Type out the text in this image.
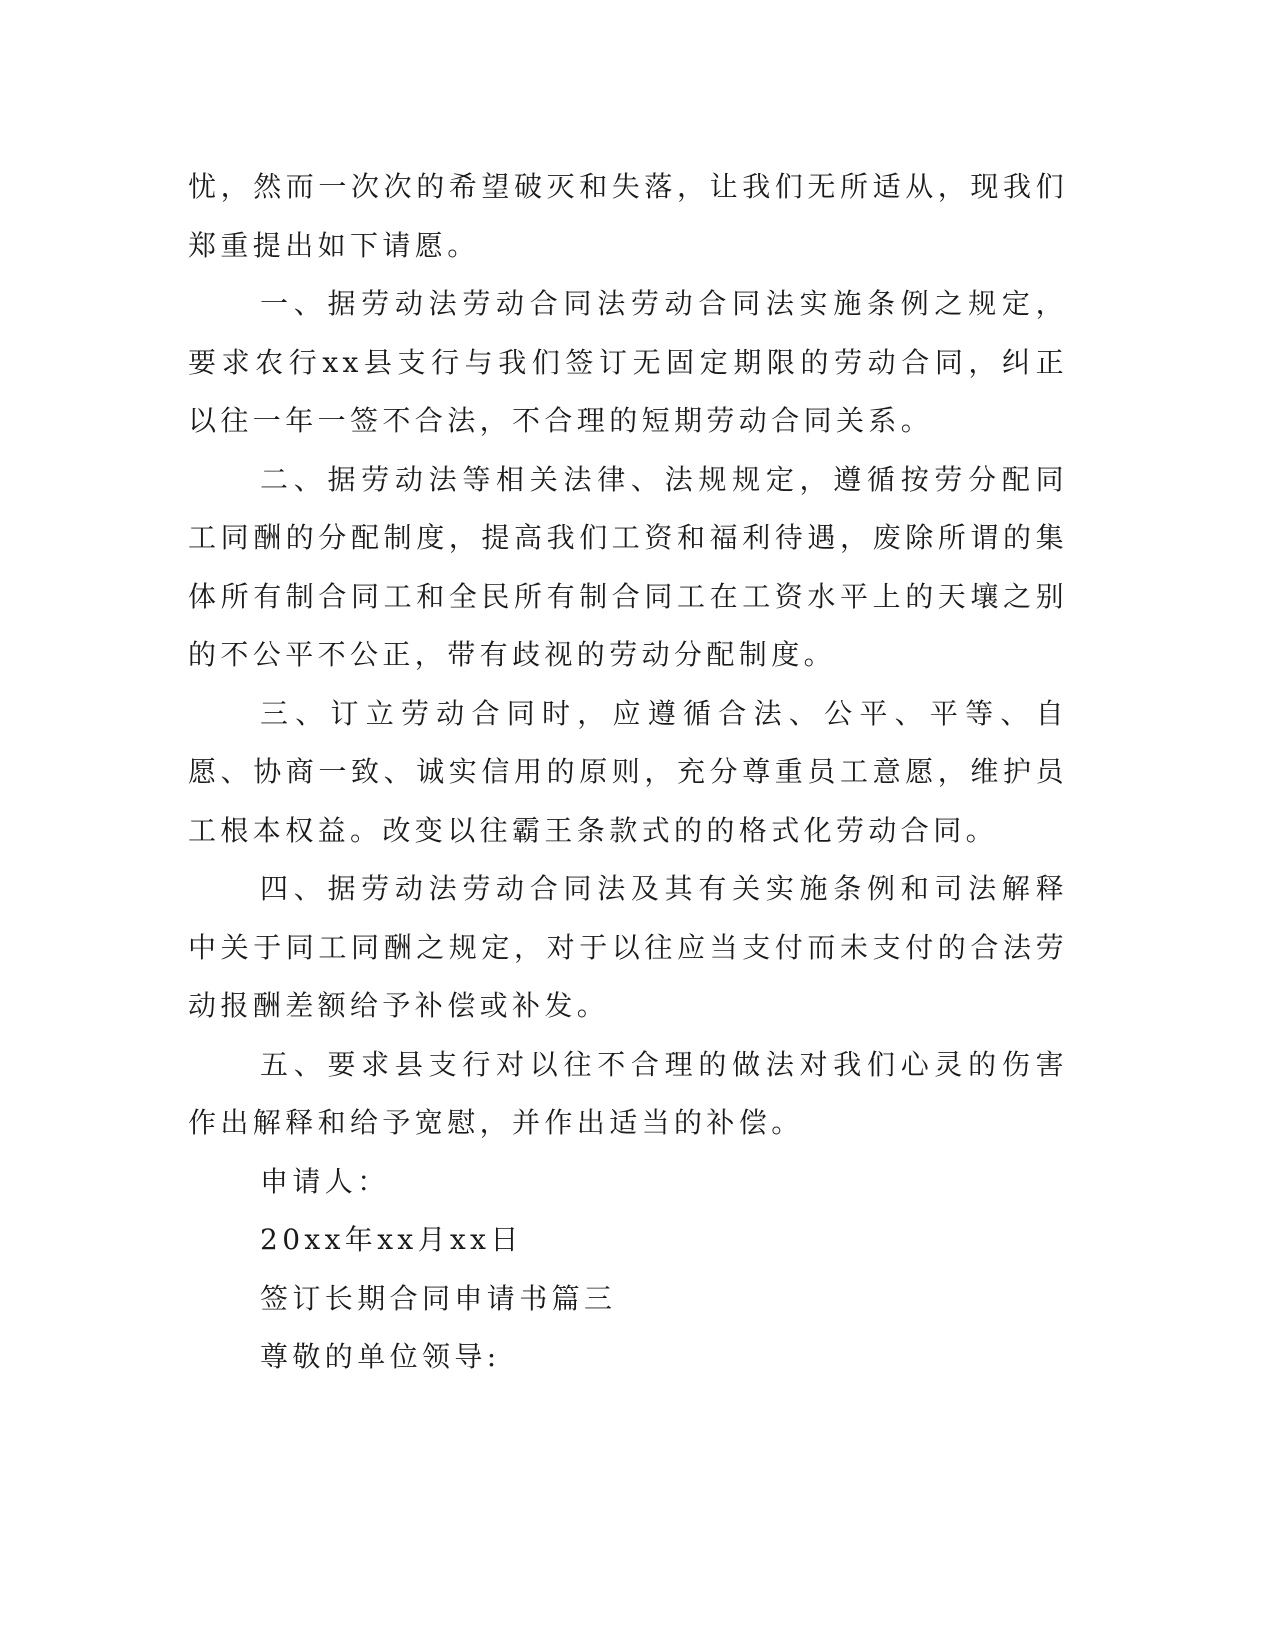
忧，然而一次次的希望破灭和失落，让我们无所适从，现我们郑重提出如下请愿。

一、据劳动法劳动合同法劳动合同法实施条例之规定，要求农行xx县支行与我们签订无固定期限的劳动合同，纠正以往一年一签不合法，不合理的短期劳动合同关系。

二、据劳动法等相关法律、法规规定，遵循按劳分配同工同酬的分配制度，提高我们工资和福利待遇，废除所谓的集体所有制合同工和全民所有制合同工在工资水平上的天壤之别的不公平不公正，带有歧视的劳动分配制度。

三、订立劳动合同时，应遵循合法、公平、平等、自愿、协商一致、诚实信用的原则，充分尊重员工意愿，维护员工根本权益。改变以往霸王条款式的的格式化劳动合同。

四、据劳动法劳动合同法及其有关实施条例和司法解释中关于同工同酬之规定，对于以往应当支付而未支付的合法劳动报酬差额给予补偿或补发。

五、要求县支行对以往不合理的做法对我们心灵的伤害作出解释和给予宽慰，并作出适当的补偿。

申请人：

20xx年xx月xx日

签订长期合同申请书篇三

尊敬的单位领导:
